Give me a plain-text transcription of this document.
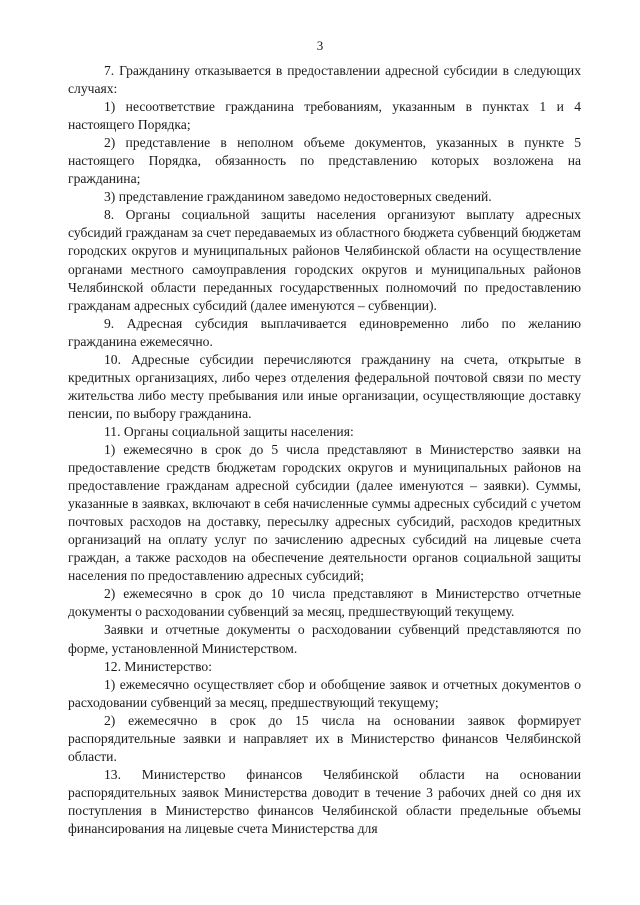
3

7. Гражданину отказывается в предоставлении адресной субсидии в следующих случаях:

1) несоответствие гражданина требованиям, указанным в пунктах 1 и 4 настоящего Порядка;

2) представление в неполном объеме документов, указанных в пункте 5 настоящего Порядка, обязанность по представлению которых возложена на гражданина;

3) представление гражданином заведомо недостоверных сведений.

8. Органы социальной защиты населения организуют выплату адресных субсидий гражданам за счет передаваемых из областного бюджета субвенций бюджетам городских округов и муниципальных районов Челябинской области на осуществление органами местного самоуправления городских округов и муниципальных районов Челябинской области переданных государственных полномочий по предоставлению гражданам адресных субсидий (далее именуются – субвенции).

9. Адресная субсидия выплачивается единовременно либо по желанию гражданина ежемесячно.

10. Адресные субсидии перечисляются гражданину на счета, открытые в кредитных организациях, либо через отделения федеральной почтовой связи по месту жительства либо месту пребывания или иные организации, осуществляющие доставку пенсии, по выбору гражданина.

11. Органы социальной защиты населения:

1) ежемесячно в срок до 5 числа представляют в Министерство заявки на предоставление средств бюджетам городских округов и муниципальных районов на предоставление гражданам адресной субсидии (далее именуются – заявки). Суммы, указанные в заявках, включают в себя начисленные суммы адресных субсидий с учетом почтовых расходов на доставку, пересылку адресных субсидий, расходов кредитных организаций на оплату услуг по зачислению адресных субсидий на лицевые счета граждан, а также расходов на обеспечение деятельности органов социальной защиты населения по предоставлению адресных субсидий;

2) ежемесячно в срок до 10 числа представляют в Министерство отчетные документы о расходовании субвенций за месяц, предшествующий текущему.

Заявки и отчетные документы о расходовании субвенций представляются по форме, установленной Министерством.

12. Министерство:

1) ежемесячно осуществляет сбор и обобщение заявок и отчетных документов о расходовании субвенций за месяц, предшествующий текущему;

2) ежемесячно в срок до 15 числа на основании заявок формирует распорядительные заявки и направляет их в Министерство финансов Челябинской области.

13. Министерство финансов Челябинской области на основании распорядительных заявок Министерства доводит в течение 3 рабочих дней со дня их поступления в Министерство финансов Челябинской области предельные объемы финансирования на лицевые счета Министерства для
